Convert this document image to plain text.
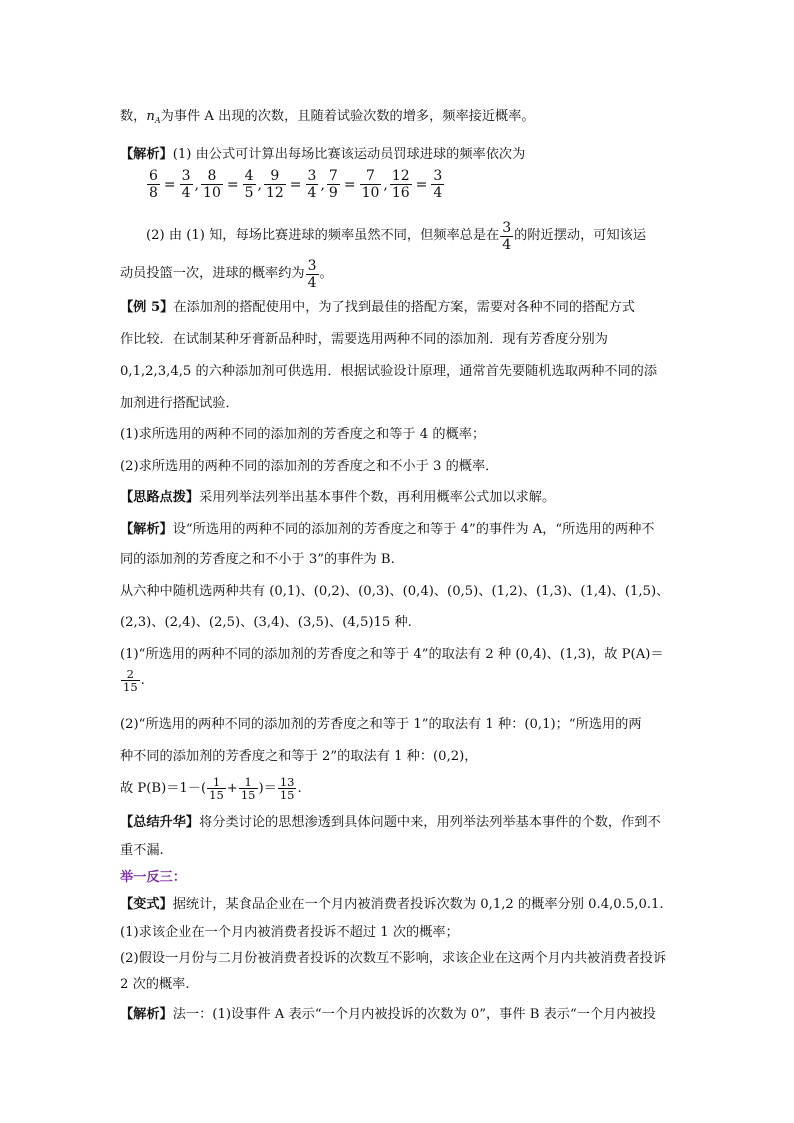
数，$n_A$为事件 A 出现的次数，且随着试验次数的增多，频率接近概率。
【解析】(1) 由公式可计算出每场比赛该运动员罚球进球的频率依次为
$\frac{6}{8} = \frac{3}{4}$ , $\frac{8}{10} = \frac{4}{5}$ , $\frac{9}{12} = \frac{3}{4}$ , $\frac{7}{9} = \frac{7}{10}$ , $\frac{12}{16} = \frac{3}{4}$
(2) 由 (1) 知，每场比赛进球的频率虽然不同，但频率总是在 $\frac{3}{4}$ 的附近摆动，可知该运
动员投篮一次，进球的概率约为 $\frac{3}{4}$ 。
【例 5】在添加剂的搭配使用中，为了找到最佳的搭配方案，需要对各种不同的搭配方式
作比较．在试制某种牙膏新品种时，需要选用两种不同的添加剂．现有芳香度分别为
0,1,2,3,4,5 的六种添加剂可供选用．根据试验设计原理，通常首先要随机选取两种不同的添
加剂进行搭配试验．
(1)求所选用的两种不同的添加剂的芳香度之和等于 4 的概率；
(2)求所选用的两种不同的添加剂的芳香度之和不小于 3 的概率．
【思路点拨】采用列举法列举出基本事件个数，再利用概率公式加以求解。
【解析】设“所选用的两种不同的添加剂的芳香度之和等于 4”的事件为 A，“所选用的两种不
同的添加剂的芳香度之和不小于 3”的事件为 B.
从六种中随机选两种共有 (0,1)、(0,2)、(0,3)、(0,4)、(0,5)、(1,2)、(1,3)、(1,4)、(1,5)、
(2,3)、(2,4)、(2,5)、(3,4)、(3,5)、(4,5)15 种.
(1)“所选用的两种不同的添加剂的芳香度之和等于 4”的取法有 2 种 (0,4)、(1,3)，故 P(A)＝
$\frac{2}{15}$ .
(2)“所选用的两种不同的添加剂的芳香度之和等于 1”的取法有 1 种：(0,1)；“所选用的两
种不同的添加剂的芳香度之和等于 2”的取法有 1 种：(0,2)，
故 $P(B)=1-( \frac{1}{15} + \frac{1}{15}$ )＝ $\frac{13}{15}$ .
【总结升华】将分类讨论的思想渗透到具体问题中来，用列举法列举基本事件的个数，作到不
重不漏.
举一反三：
【变式】据统计，某食品企业在一个月内被消费者投诉次数为 0,1,2 的概率分别 0.4,0.5,0.1.
(1)求该企业在一个月内被消费者投诉不超过 1 次的概率；
(2)假设一月份与二月份被消费者投诉的次数互不影响，求该企业在这两个月内共被消费者投诉
2 次的概率.
【解析】法一：(1)设事件 A 表示“一个月内被投诉的次数为 0”，事件 B 表示“一个月内被投
